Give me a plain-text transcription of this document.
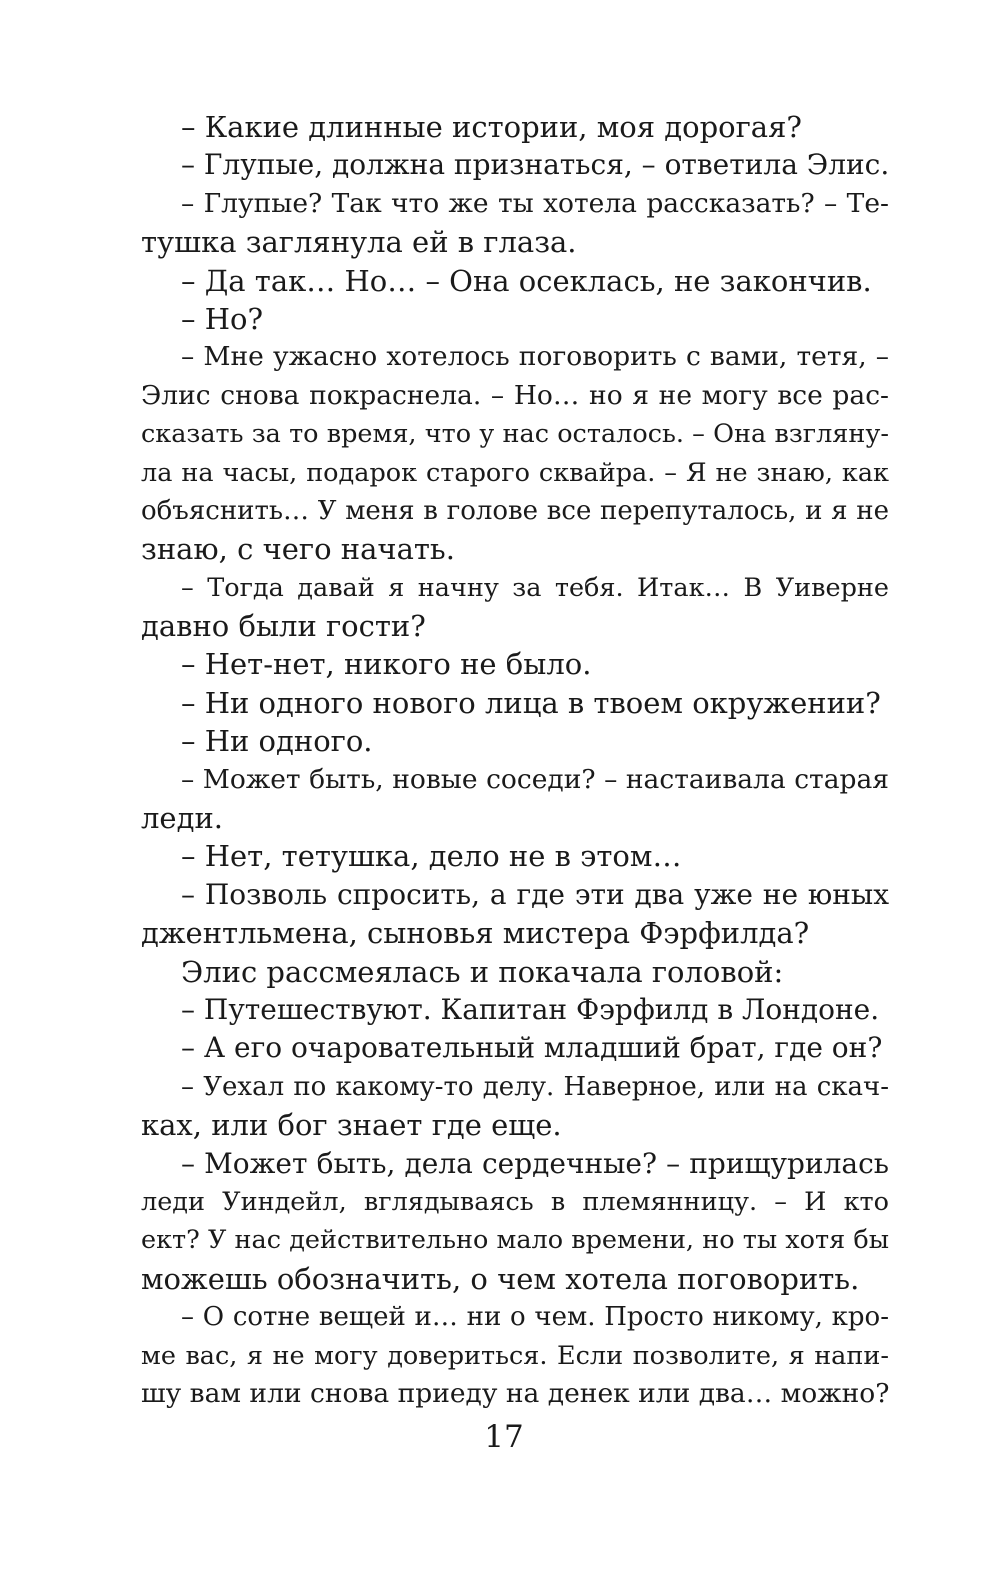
– Какие длинные истории, моя дорогая?
– Глупые, должна признаться, – ответила Элис.
– Глупые? Так что же ты хотела рассказать? – Те-
тушка заглянула ей в глаза.
– Да так… Но… – Она осеклась, не закончив.
– Но?
– Мне ужасно хотелось поговорить с вами, тетя, –
Элис снова покраснела. – Но… но я не могу все рас-
сказать за то время, что у нас осталось. – Она взгляну-
ла на часы, подарок старого сквайра. – Я не знаю, как
объяснить… У меня в голове все перепуталось, и я не
знаю, с чего начать.
– Тогда давай я начну за тебя. Итак… В Уиверне
давно были гости?
– Нет-нет, никого не было.
– Ни одного нового лица в твоем окружении?
– Ни одного.
– Может быть, новые соседи? – настаивала старая
леди.
– Нет, тетушка, дело не в этом…
– Позволь спросить, а где эти два уже не юных
джентльмена, сыновья мистера Фэрфилда?
Элис рассмеялась и покачала головой:
– Путешествуют. Капитан Фэрфилд в Лондоне.
– А его очаровательный младший брат, где он?
– Уехал по какому-то делу. Наверное, или на скач-
ках, или бог знает где еще.
– Может быть, дела сердечные? – прищурилась
леди Уиндейл, вглядываясь в племянницу. – И кто
ект? У нас действительно мало времени, но ты хотя бы
можешь обозначить, о чем хотела поговорить.
– О сотне вещей и… ни о чем. Просто никому, кро-
ме вас, я не могу довериться. Если позволите, я напи-
шу вам или снова приеду на денек или два… можно?
17
